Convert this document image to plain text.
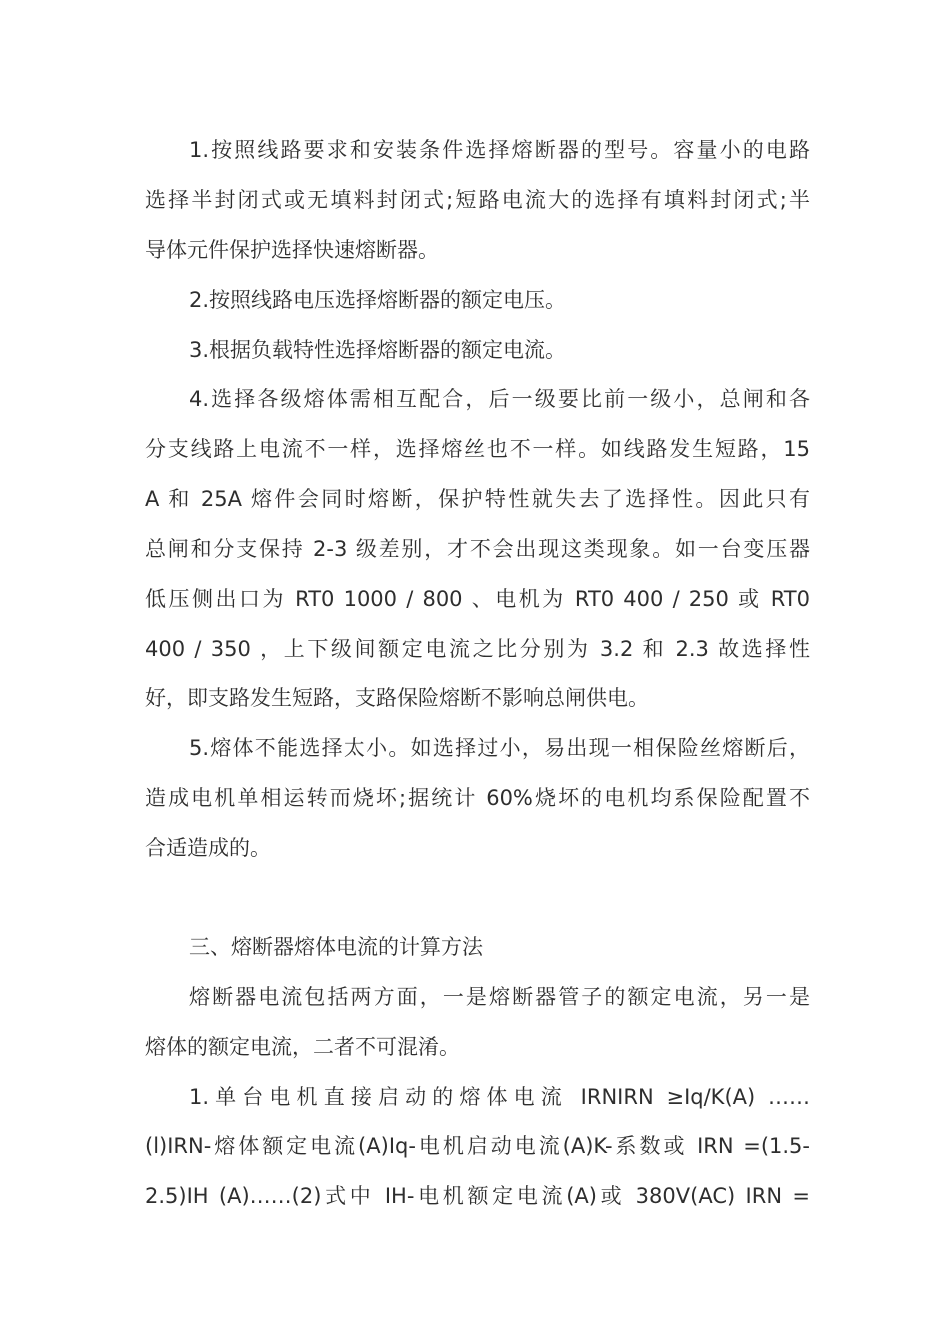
1.按照线路要求和安装条件选择熔断器的型号。容量小的电路
选择半封闭式或无填料封闭式;短路电流大的选择有填料封闭式;半
导体元件保护选择快速熔断器。
2.按照线路电压选择熔断器的额定电压。
3.根据负载特性选择熔断器的额定电流。
4.选择各级熔体需相互配合，后一级要比前一级小，总闸和各
分支线路上电流不一样，选择熔丝也不一样。如线路发生短路，15
A 和 25A 熔件会同时熔断，保护特性就失去了选择性。因此只有
总闸和分支保持 2-3 级差别，才不会出现这类现象。如一台变压器
低压侧出口为 RT0 1000 / 800 、电机为 RT0 400 / 250 或 RT0
400 / 350 ，上下级间额定电流之比分别为 3.2 和 2.3 故选择性
好，即支路发生短路，支路保险熔断不影响总闸供电。
5.熔体不能选择太小。如选择过小，易出现一相保险丝熔断后，
造成电机单相运转而烧坏;据统计 60%烧坏的电机均系保险配置不
合适造成的。
三、熔断器熔体电流的计算方法
熔断器电流包括两方面，一是熔断器管子的额定电流，另一是
熔体的额定电流，二者不可混淆。
1.单台电机直接启动的熔体电流 IRNIRN ≥Iq/K(A) ……
(l)IRN-熔体额定电流(A)Iq-电机启动电流(A)K-系数或 IRN =(1.5-
2.5)IH (A)……(2)式中 IH-电机额定电流(A)或 380V(AC) IRN =
